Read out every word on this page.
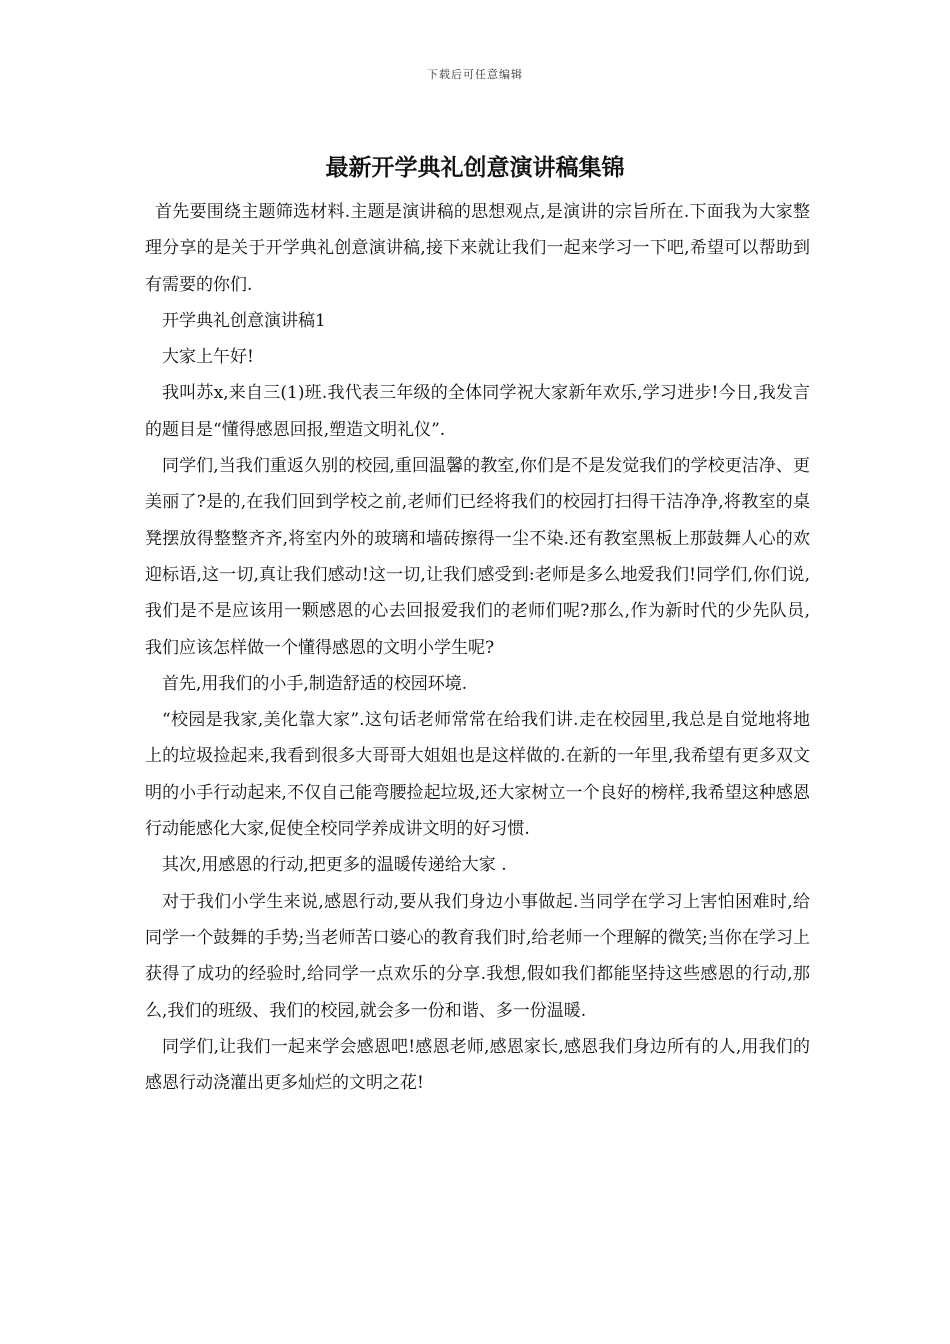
下载后可任意编辑
最新开学典礼创意演讲稿集锦

首先要围绕主题筛选材料.主题是演讲稿的思想观点,是演讲的宗旨所在.下面我为大家整理分享的是关于开学典礼创意演讲稿,接下来就让我们一起来学习一下吧,希望可以帮助到有需要的你们.

开学典礼创意演讲稿1

大家上午好!

我叫苏x,来自三(1)班.我代表三年级的全体同学祝大家新年欢乐,学习进步!今日,我发言的题目是“懂得感恩回报,塑造文明礼仪”.

同学们,当我们重返久别的校园,重回温馨的教室,你们是不是发觉我们的学校更洁净、更美丽了?是的,在我们回到学校之前,老师们已经将我们的校园打扫得干洁净净,将教室的桌凳摆放得整整齐齐,将室内外的玻璃和墙砖擦得一尘不染.还有教室黑板上那鼓舞人心的欢迎标语,这一切,真让我们感动!这一切,让我们感受到:老师是多么地爱我们!同学们,你们说,我们是不是应该用一颗感恩的心去回报爱我们的老师们呢?那么,作为新时代的少先队员,我们应该怎样做一个懂得感恩的文明小学生呢?

首先,用我们的小手,制造舒适的校园环境.

“校园是我家,美化靠大家”.这句话老师常常在给我们讲.走在校园里,我总是自觉地将地上的垃圾捡起来,我看到很多大哥哥大姐姐也是这样做的.在新的一年里,我希望有更多双文明的小手行动起来,不仅自己能弯腰捡起垃圾,还大家树立一个良好的榜样,我希望这种感恩行动能感化大家,促使全校同学养成讲文明的好习惯.

其次,用感恩的行动,把更多的温暖传递给大家 .

对于我们小学生来说,感恩行动,要从我们身边小事做起.当同学在学习上害怕困难时,给同学一个鼓舞的手势;当老师苦口婆心的教育我们时,给老师一个理解的微笑;当你在学习上获得了成功的经验时,给同学一点欢乐的分享.我想,假如我们都能坚持这些感恩的行动,那么,我们的班级、我们的校园,就会多一份和谐、多一份温暖.

同学们,让我们一起来学会感恩吧!感恩老师,感恩家长,感恩我们身边所有的人,用我们的感恩行动浇灌出更多灿烂的文明之花!
